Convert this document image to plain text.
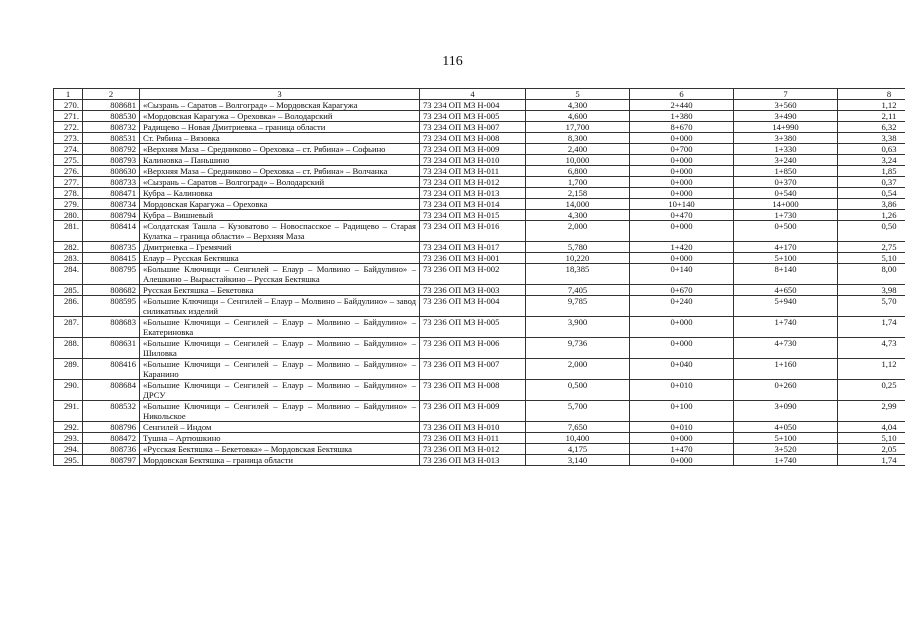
116
1	2	3	4	5	6	7	8
270.	808681	«Сызрань – Саратов – Волгоград» – Мордовская Карагужа	73 234 ОП МЗ Н-004	4,300	2+440	3+560	1,12
271.	808530	«Мордовская Карагужа – Ореховка» – Володарский	73 234 ОП МЗ Н-005	4,600	1+380	3+490	2,11
272.	808732	Радищево – Новая Дмитриевка – граница области	73 234 ОП МЗ Н-007	17,700	8+670	14+990	6,32
273.	808531	Ст. Рябина – Вязовка	73 234 ОП МЗ Н-008	8,300	0+000	3+380	3,38
274.	808792	«Верхняя Маза – Средниково – Ореховка – ст. Рябина» – Софьино	73 234 ОП МЗ Н-009	2,400	0+700	1+330	0,63
275.	808793	Калиновка – Паньшино	73 234 ОП МЗ Н-010	10,000	0+000	3+240	3,24
276.	808630	«Верхняя Маза – Средниково – Ореховка – ст. Рябина» – Волчанка	73 234 ОП МЗ Н-011	6,800	0+000	1+850	1,85
277.	808733	«Сызрань – Саратов – Волгоград» – Володарский	73 234 ОП МЗ Н-012	1,700	0+000	0+370	0,37
278.	808471	Кубра – Калиновка	73 234 ОП МЗ Н-013	2,158	0+000	0+540	0,54
279.	808734	Мордовская Карагужа – Ореховка	73 234 ОП МЗ Н-014	14,000	10+140	14+000	3,86
280.	808794	Кубра – Вишневый	73 234 ОП МЗ Н-015	4,300	0+470	1+730	1,26
281.	808414	«Солдатская Ташла – Кузоватово – Новоспасское – Радищево – Старая Кулатка – граница области» – Верхняя Маза	73 234 ОП МЗ Н-016	2,000	0+000	0+500	0,50
282.	808735	Дмитриевка – Гремячий	73 234 ОП МЗ Н-017	5,780	1+420	4+170	2,75
283.	808415	Елаур – Русская Бектяшка	73 236 ОП МЗ Н-001	10,220	0+000	5+100	5,10
284.	808795	«Большие Ключищи – Сенгилей – Елаур – Молвино – Байдулино» – Алешкино – Вырыстайкино – Русская Бектяшка	73 236 ОП МЗ Н-002	18,385	0+140	8+140	8,00
285.	808682	Русская Бектяшка – Бекетовка	73 236 ОП МЗ Н-003	7,405	0+670	4+650	3,98
286.	808595	«Большие Ключищи – Сенгилей – Елаур – Молвино – Байдулино» – завод силикатных изделий	73 236 ОП МЗ Н-004	9,785	0+240	5+940	5,70
287.	808683	«Большие Ключищи – Сенгилей – Елаур – Молвино – Байдулино» – Екатериновка	73 236 ОП МЗ Н-005	3,900	0+000	1+740	1,74
288.	808631	«Большие Ключищи – Сенгилей – Елаур – Молвино – Байдулино» – Шиловка	73 236 ОП МЗ Н-006	9,736	0+000	4+730	4,73
289.	808416	«Большие Ключищи – Сенгилей – Елаур – Молвино – Байдулино» – Каранино	73 236 ОП МЗ Н-007	2,000	0+040	1+160	1,12
290.	808684	«Большие Ключищи – Сенгилей – Елаур – Молвино – Байдулино» – ДРСУ	73 236 ОП МЗ Н-008	0,500	0+010	0+260	0,25
291.	808532	«Большие Ключищи – Сенгилей – Елаур – Молвино – Байдулино» – Никольское	73 236 ОП МЗ Н-009	5,700	0+100	3+090	2,99
292.	808796	Сенгилей – Индом	73 236 ОП МЗ Н-010	7,650	0+010	4+050	4,04
293.	808472	Тушна – Артюшкино	73 236 ОП МЗ Н-011	10,400	0+000	5+100	5,10
294.	808736	«Русская Бектяшка – Бекетовка» – Мордовская Бектяшка	73 236 ОП МЗ Н-012	4,175	1+470	3+520	2,05
295.	808797	Мордовская Бектяшка – граница области	73 236 ОП МЗ Н-013	3,140	0+000	1+740	1,74
